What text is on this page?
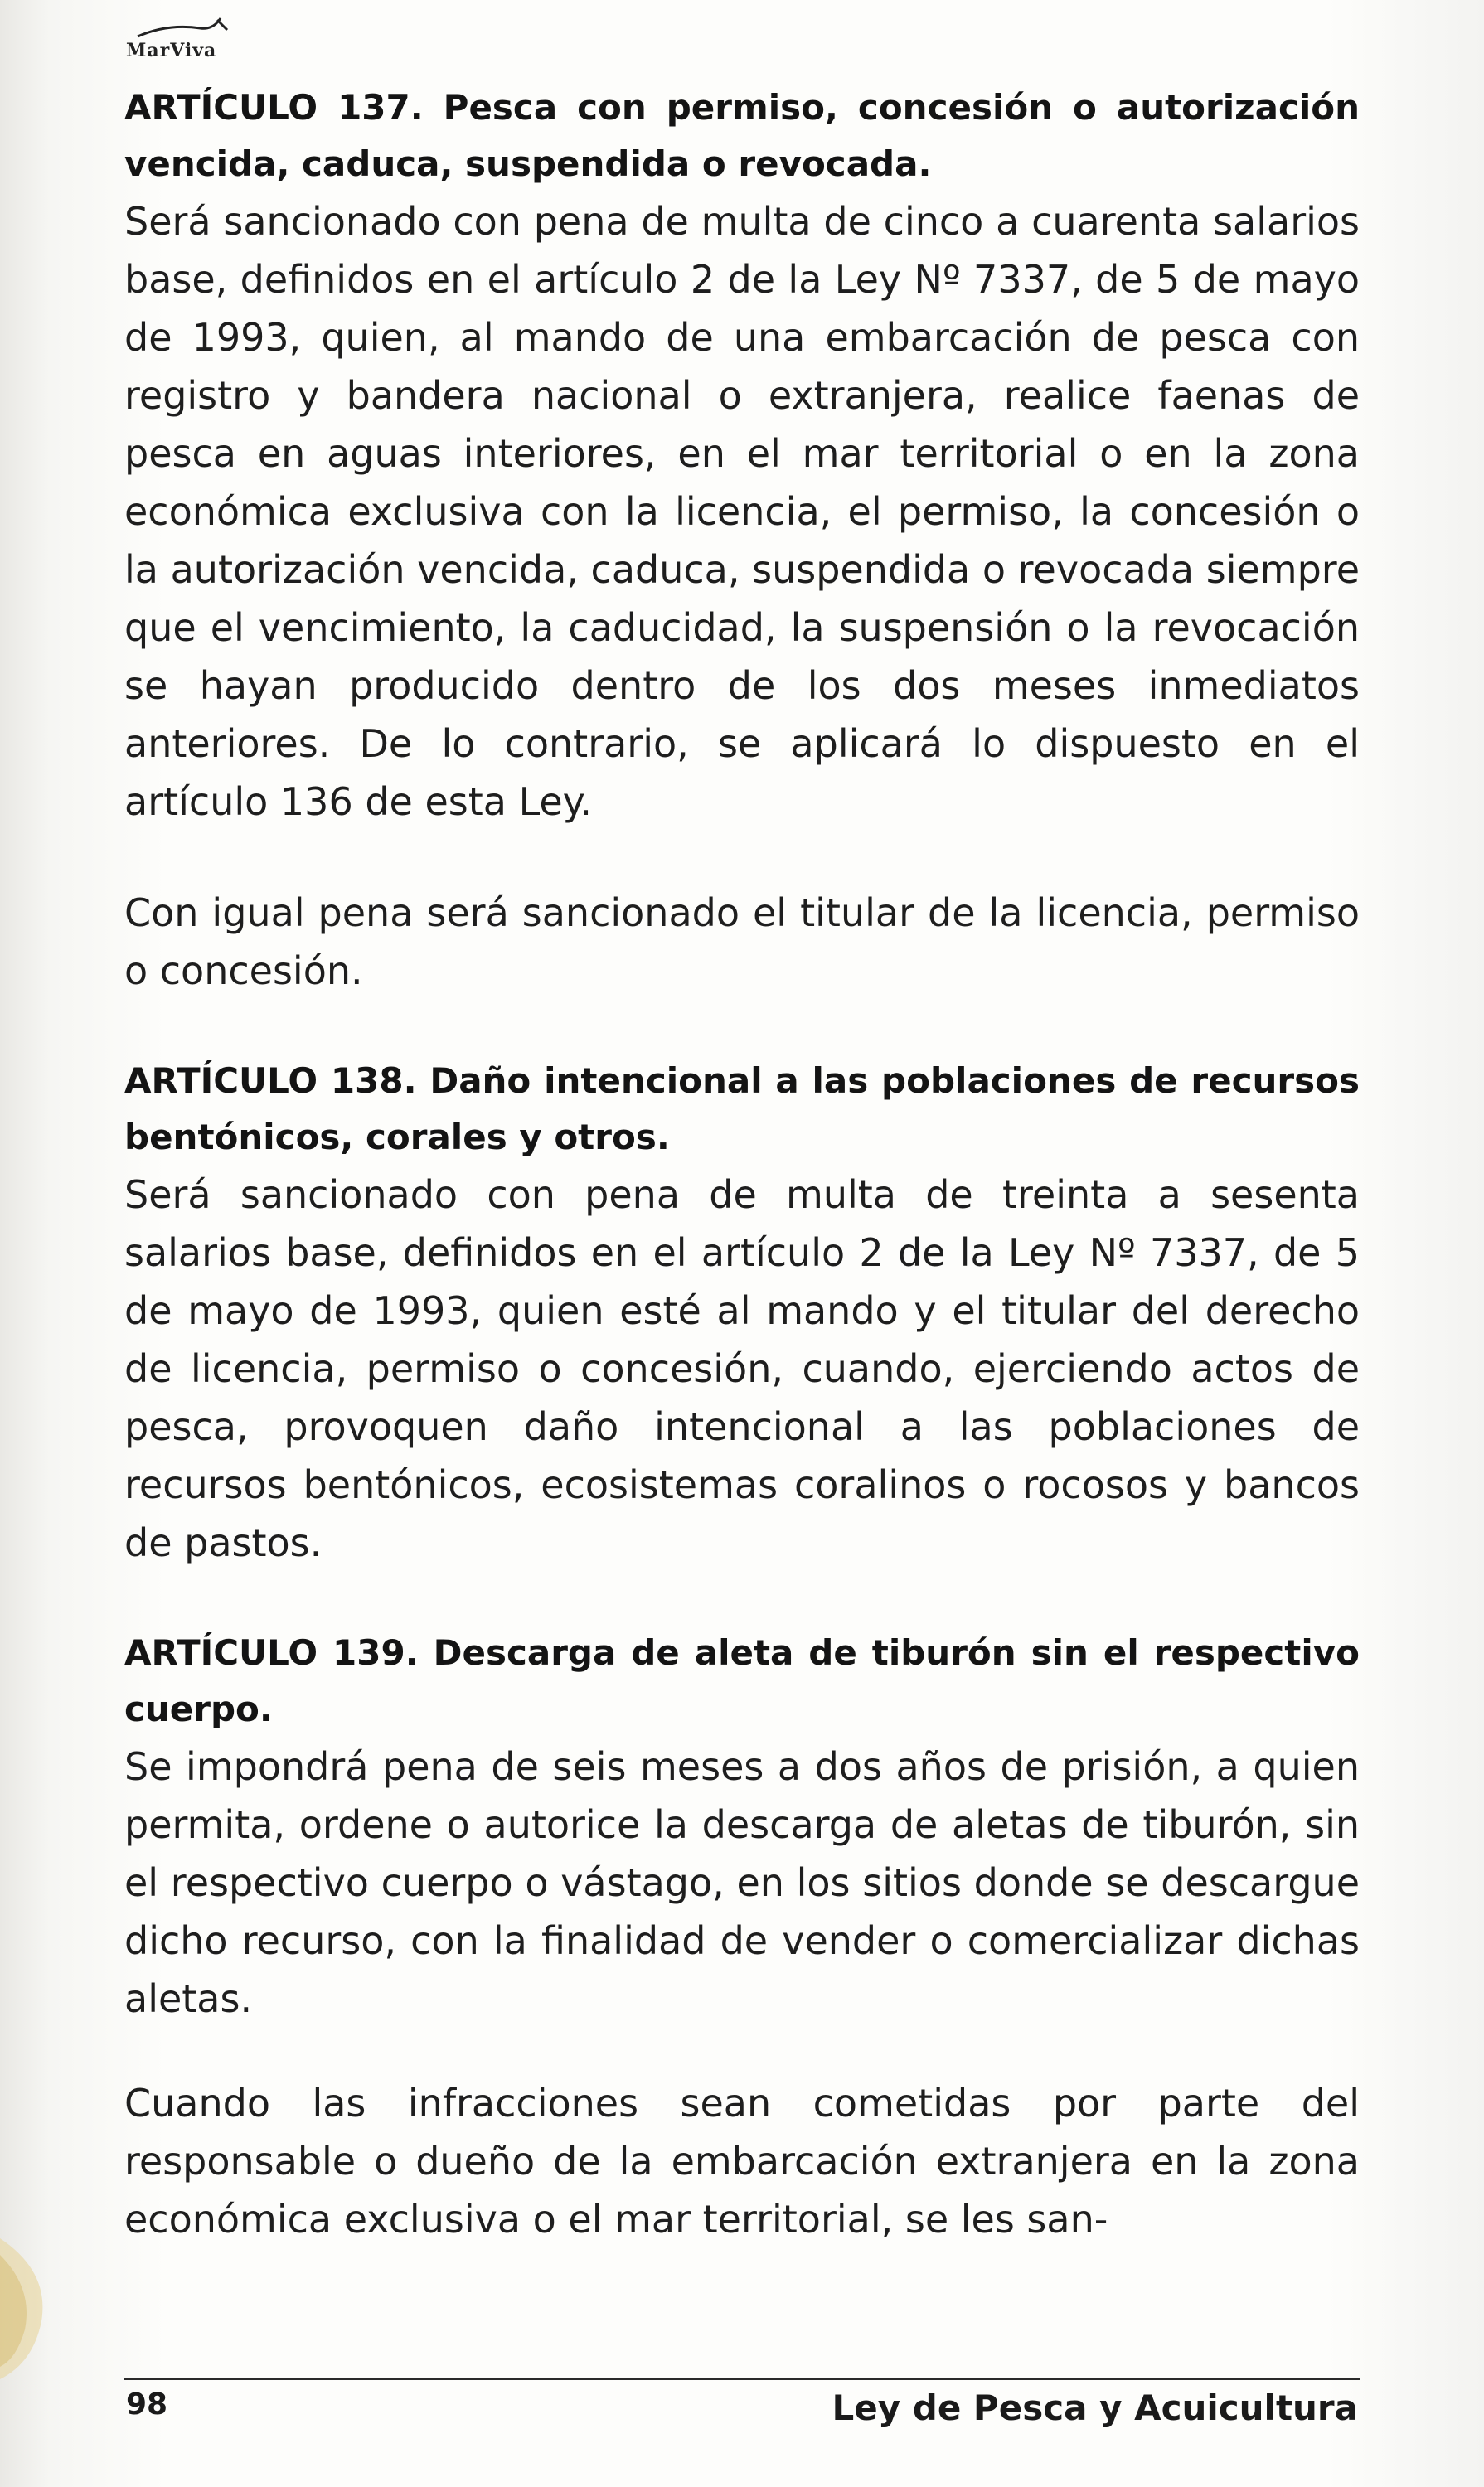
MarViva

ARTÍCULO 137. Pesca con permiso, concesión o autorización vencida, caduca, suspendida o revocada.

Será sancionado con pena de multa de cinco a cuarenta salarios base, definidos en el artículo 2 de la Ley Nº 7337, de 5 de mayo de 1993, quien, al mando de una embarcación de pesca con registro y bandera nacional o extranjera, realice faenas de pesca en aguas interiores, en el mar territorial o en la zona económica exclusiva con la licencia, el permiso, la concesión o la autorización vencida, caduca, suspendida o revocada siempre que el vencimiento, la caducidad, la suspensión o la revocación se hayan producido dentro de los dos meses inmediatos anteriores. De lo contrario, se aplicará lo dispuesto en el artículo 136 de esta Ley.

Con igual pena será sancionado el titular de la licencia, permiso o concesión.

ARTÍCULO 138. Daño intencional a las poblaciones de recursos bentónicos, corales y otros.

Será sancionado con pena de multa de treinta a sesenta salarios base, definidos en el artículo 2 de la Ley Nº 7337, de 5 de mayo de 1993, quien esté al mando y el titular del derecho de licencia, permiso o concesión, cuando, ejerciendo actos de pesca, provoquen daño intencional a las poblaciones de recursos bentónicos, ecosistemas coralinos o rocosos y bancos de pastos.

ARTÍCULO 139. Descarga de aleta de tiburón sin el respectivo cuerpo.

Se impondrá pena de seis meses a dos años de prisión, a quien permita, ordene o autorice la descarga de aletas de tiburón, sin el respectivo cuerpo o vástago, en los sitios donde se descargue dicho recurso, con la finalidad de vender o comercializar dichas aletas.

Cuando las infracciones sean cometidas por parte del responsable o dueño de la embarcación extranjera en la zona económica exclusiva o el mar territorial, se les san-

98	Ley de Pesca y Acuicultura
